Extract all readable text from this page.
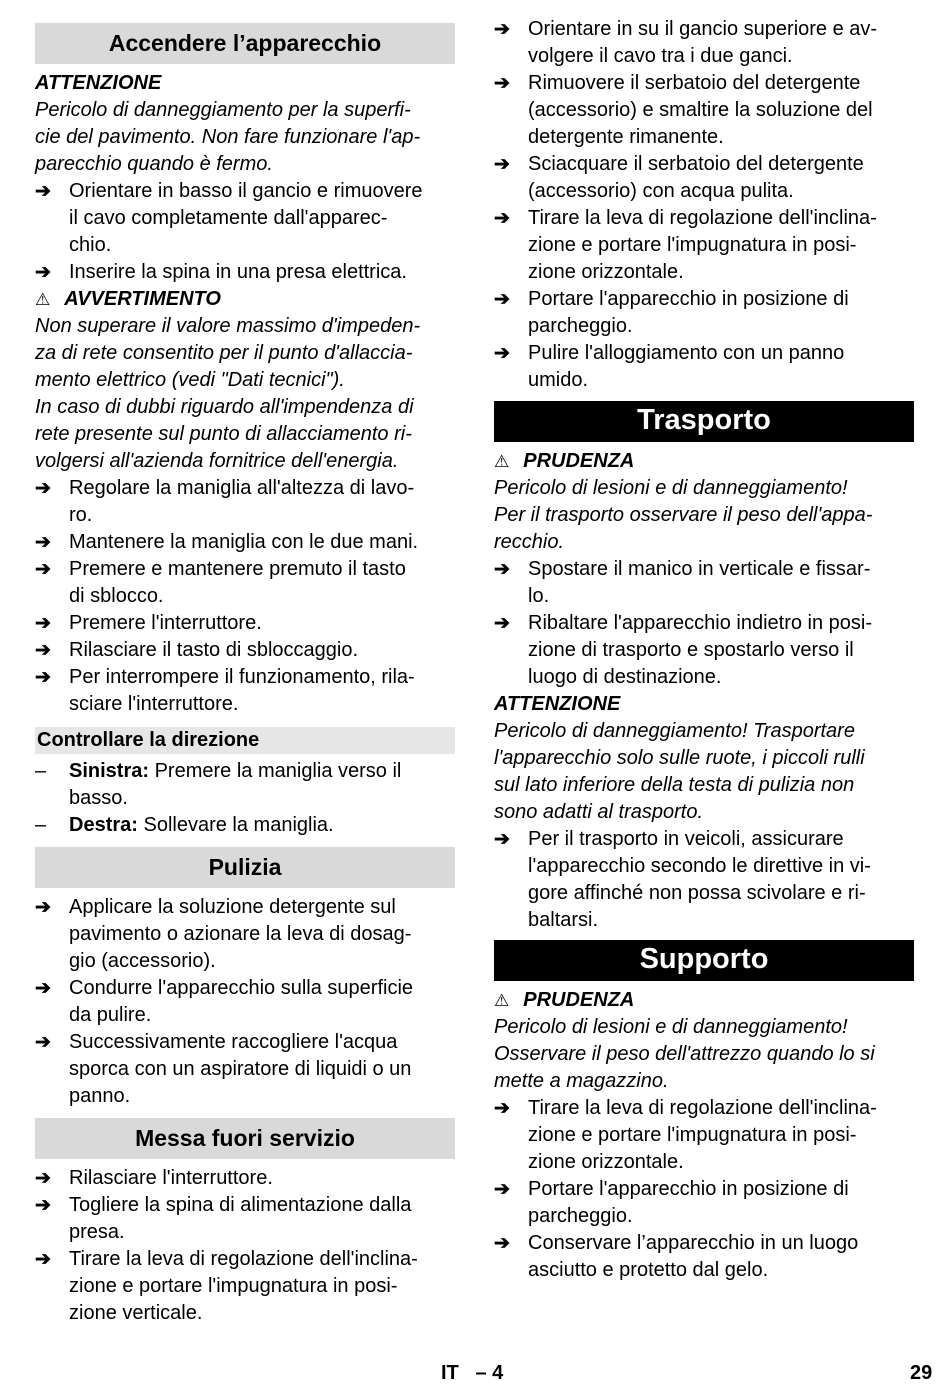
Accendere l’apparecchio
ATTENZIONE
Pericolo di danneggiamento per la superfi-
cie del pavimento. Non fare funzionare l'ap-
parecchio quando è fermo.
➔ Orientare in basso il gancio e rimuovere
il cavo completamente dall'apparec-
chio.
➔ Inserire la spina in una presa elettrica.
⚠ AVVERTIMENTO
Non superare il valore massimo d'impeden-
za di rete consentito per il punto d'allaccia-
mento elettrico (vedi "Dati tecnici").
In caso di dubbi riguardo all'impendenza di
rete presente sul punto di allacciamento ri-
volgersi all'azienda fornitrice dell'energia.
➔ Regolare la maniglia all'altezza di lavo-
ro.
➔ Mantenere la maniglia con le due mani.
➔ Premere e mantenere premuto il tasto
di sblocco.
➔ Premere l'interruttore.
➔ Rilasciare il tasto di sbloccaggio.
➔ Per interrompere il funzionamento, rila-
sciare l'interruttore.
Controllare la direzione
– Sinistra: Premere la maniglia verso il
basso.
– Destra: Sollevare la maniglia.
Pulizia
➔ Applicare la soluzione detergente sul
pavimento o azionare la leva di dosag-
gio (accessorio).
➔ Condurre l'apparecchio sulla superficie
da pulire.
➔ Successivamente raccogliere l'acqua
sporca con un aspiratore di liquidi o un
panno.
Messa fuori servizio
➔ Rilasciare l'interruttore.
➔ Togliere la spina di alimentazione dalla
presa.
➔ Tirare la leva di regolazione dell'inclina-
zione e portare l'impugnatura in posi-
zione verticale.
➔ Orientare in su il gancio superiore e av-
volgere il cavo tra i due ganci.
➔ Rimuovere il serbatoio del detergente
(accessorio) e smaltire la soluzione del
detergente rimanente.
➔ Sciacquare il serbatoio del detergente
(accessorio) con acqua pulita.
➔ Tirare la leva di regolazione dell'inclina-
zione e portare l'impugnatura in posi-
zione orizzontale.
➔ Portare l'apparecchio in posizione di
parcheggio.
➔ Pulire l'alloggiamento con un panno
umido.
Trasporto
⚠ PRUDENZA
Pericolo di lesioni e di danneggiamento!
Per il trasporto osservare il peso dell'appa-
recchio.
➔ Spostare il manico in verticale e fissar-
lo.
➔ Ribaltare l'apparecchio indietro in posi-
zione di trasporto e spostarlo verso il
luogo di destinazione.
ATTENZIONE
Pericolo di danneggiamento! Trasportare
l'apparecchio solo sulle ruote, i piccoli rulli
sul lato inferiore della testa di pulizia non
sono adatti al trasporto.
➔ Per il trasporto in veicoli, assicurare
l'apparecchio secondo le direttive in vi-
gore affinché non possa scivolare e ri-
baltarsi.
Supporto
⚠ PRUDENZA
Pericolo di lesioni e di danneggiamento!
Osservare il peso dell'attrezzo quando lo si
mette a magazzino.
➔ Tirare la leva di regolazione dell'inclina-
zione e portare l'impugnatura in posi-
zione orizzontale.
➔ Portare l'apparecchio in posizione di
parcheggio.
➔ Conservare l’apparecchio in un luogo
asciutto e protetto dal gelo.
IT   – 4	29
